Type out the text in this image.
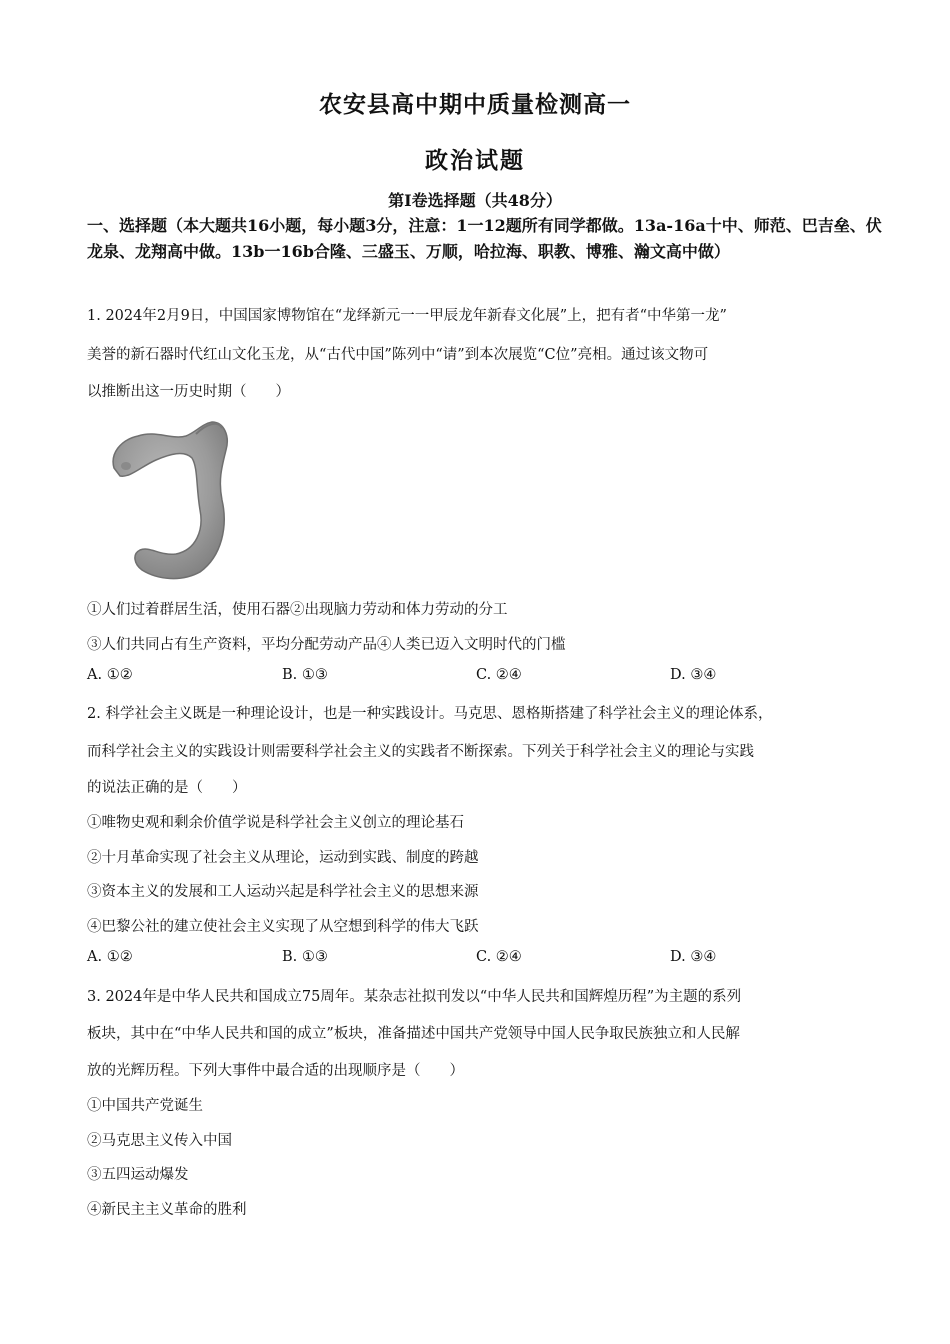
农安县高中期中质量检测高一
政治试题
第Ⅰ卷选择题（共48分）
一、选择题（本大题共16小题，每小题3分，注意：1一12题所有同学都做。13a-16a十中、师范、巴吉垒、伏龙泉、龙翔高中做。13b一16b合隆、三盛玉、万顺，哈拉海、职教、博雅、瀚文高中做）
1. 2024年2月9日，中国国家博物馆在“龙绎新元一一甲辰龙年新春文化展”上，把有者“中华第一龙”
美誉的新石器时代红山文化玉龙，从“古代中国”陈列中“请”到本次展览“C位”亮相。通过该文物可
以推断出这一历史时期（　　）
①人们过着群居生活，使用石器②出现脑力劳动和体力劳动的分工
③人们共同占有生产资料，平均分配劳动产品④人类已迈入文明时代的门槛
A. ①②	B. ①③	C. ②④	D. ③④
2. 科学社会主义既是一种理论设计，也是一种实践设计。马克思、恩格斯搭建了科学社会主义的理论体系，
而科学社会主义的实践设计则需要科学社会主义的实践者不断探索。下列关于科学社会主义的理论与实践
的说法正确的是（　　）
①唯物史观和剩余价值学说是科学社会主义创立的理论基石
②十月革命实现了社会主义从理论，运动到实践、制度的跨越
③资本主义的发展和工人运动兴起是科学社会主义的思想来源
④巴黎公社的建立使社会主义实现了从空想到科学的伟大飞跃
A. ①②	B. ①③	C. ②④	D. ③④
3. 2024年是中华人民共和国成立75周年。某杂志社拟刊发以“中华人民共和国辉煌历程”为主题的系列
板块，其中在“中华人民共和国的成立”板块，准备描述中国共产党领导中国人民争取民族独立和人民解
放的光辉历程。下列大事件中最合适的出现顺序是（　　）
①中国共产党诞生
②马克思主义传入中国
③五四运动爆发
④新民主主义革命的胜利
